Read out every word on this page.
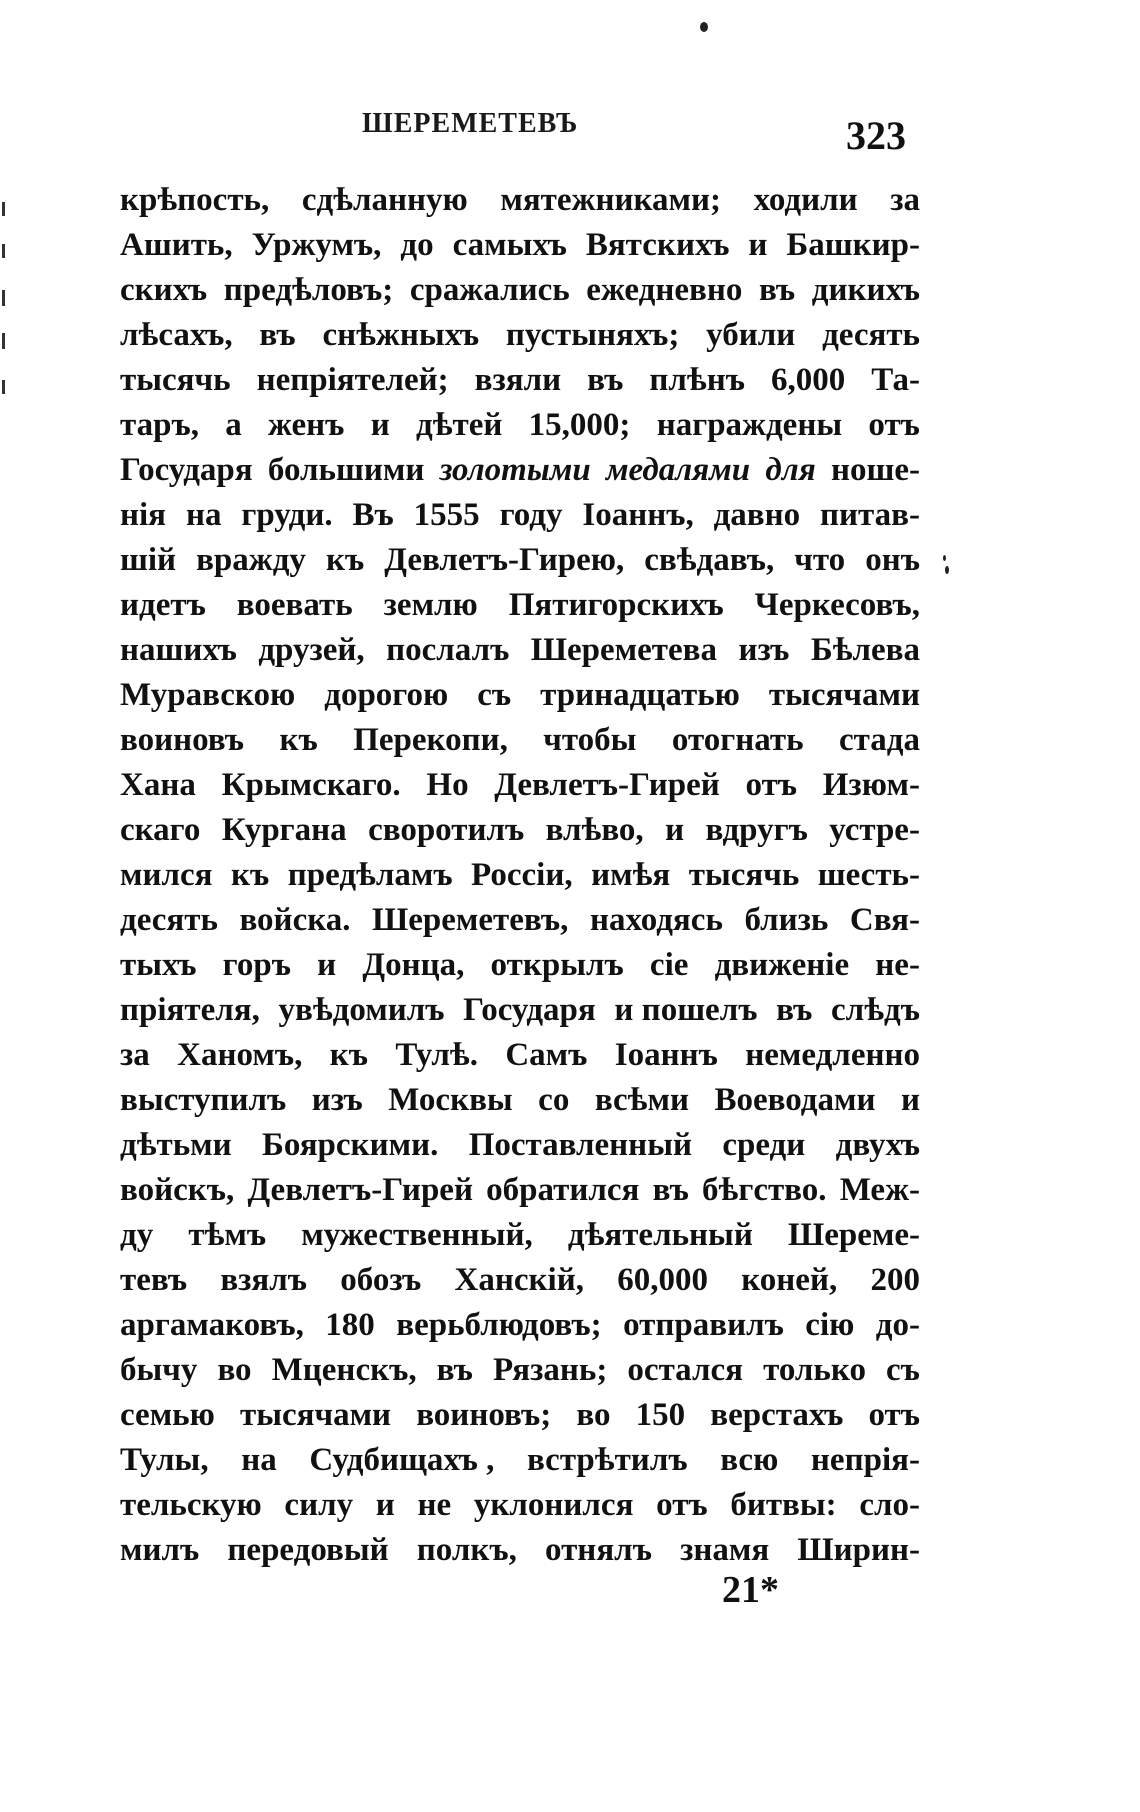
ШЕРЕМЕТЕВЪ	323
крѣпость, сдѣланную мятежниками; ходили за
Ашить, Уржумъ, до самыхъ Вятскихъ и Башкир-
скихъ предѣловъ; сражались ежедневно въ дикихъ
лѣсахъ, въ снѣжныхъ пустыняхъ; убили десять
тысячь непріятелей; взяли въ плѣнъ 6,000 Та-
таръ, а женъ и дѣтей 15,000; награждены отъ
Государя большими золотыми медалями для ноше-
нія на груди. Въ 1555 году Іоаннъ, давно питав-
шій вражду къ Девлетъ-Гирею, свѣдавъ, что онъ
идетъ воевать землю Пятигорскихъ Черкесовъ,
нашихъ друзей, послалъ Шереметева изъ Бѣлева
Муравскою дорогою съ тринадцатью тысячами
воиновъ къ Перекопи, чтобы отогнать стада
Хана Крымскаго. Но Девлетъ-Гирей отъ Изюм-
скаго Кургана своротилъ влѣво, и вдругъ устре-
мился къ предѣламъ Россіи, имѣя тысячь шесть-
десять войска. Шереметевъ, находясь близь Свя-
тыхъ горъ и Донца, открылъ сіе движеніе не-
пріятеля, увѣдомилъ Государя и пошелъ въ слѣдъ
за Ханомъ, къ Тулѣ. Самъ Іоаннъ немедленно
выступилъ изъ Москвы со всѣми Воеводами и
дѣтьми Боярскими. Поставленный среди двухъ
войскъ, Девлетъ-Гирей обратился въ бѣгство. Меж-
ду тѣмъ мужественный, дѣятельный Шереме-
тевъ взялъ обозъ Ханскій, 60,000 коней, 200
аргамаковъ, 180 верьблюдовъ; отправилъ сію до-
бычу во Мценскъ, въ Рязань; остался только съ
семью тысячами воиновъ; во 150 верстахъ отъ
Тулы, на Судбищахъ , встрѣтилъ всю непрія-
тельскую силу и не уклонился отъ битвы: сло-
милъ передовый полкъ, отнялъ знамя Ширин-
21*
